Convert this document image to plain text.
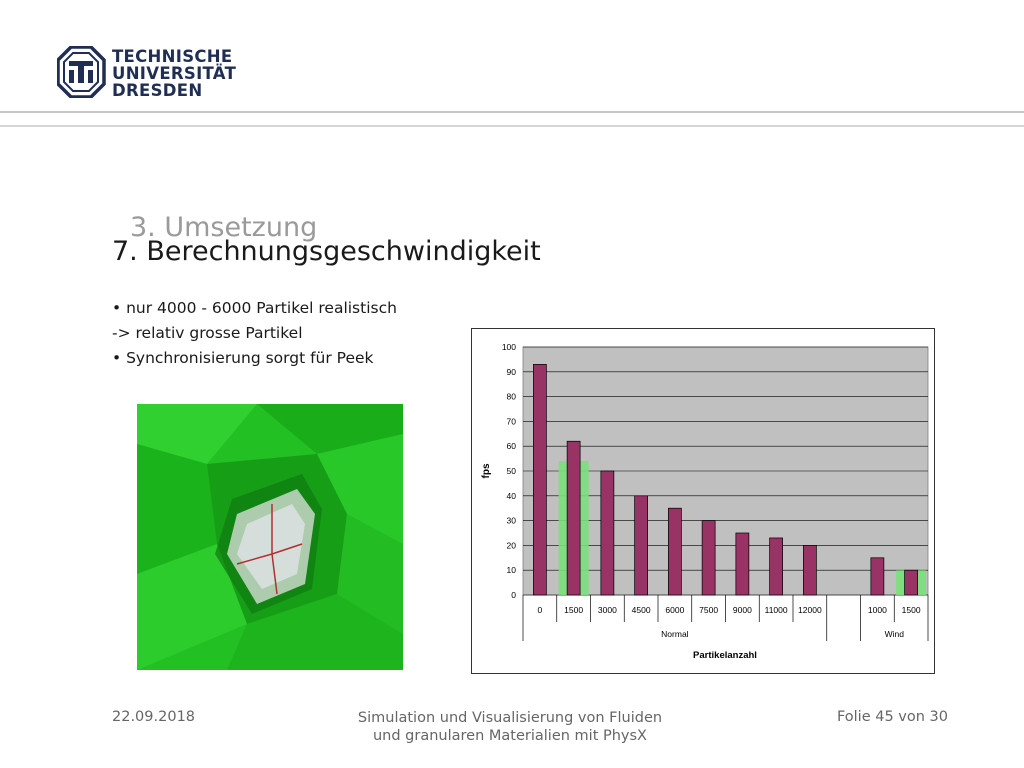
TECHNISCHE
UNIVERSITÄT
DRESDEN
3. Umsetzung
7. Berechnungsgeschwindigkeit
• nur 4000 - 6000 Partikel realistisch
-> relativ grosse Partikel
• Synchronisierung sorgt für Peek
0
10
20
30
40
50
60
70
80
90
100
0	1500 3000 4500 6000 7500 9000 11000 12000	1000 1500
Normal	Wind
fps
Partikelanzahl
22.09.2018	Simulation und Visualisierung von Fluiden
und granularen Materialien mit PhysX
Folie 45 von 30
